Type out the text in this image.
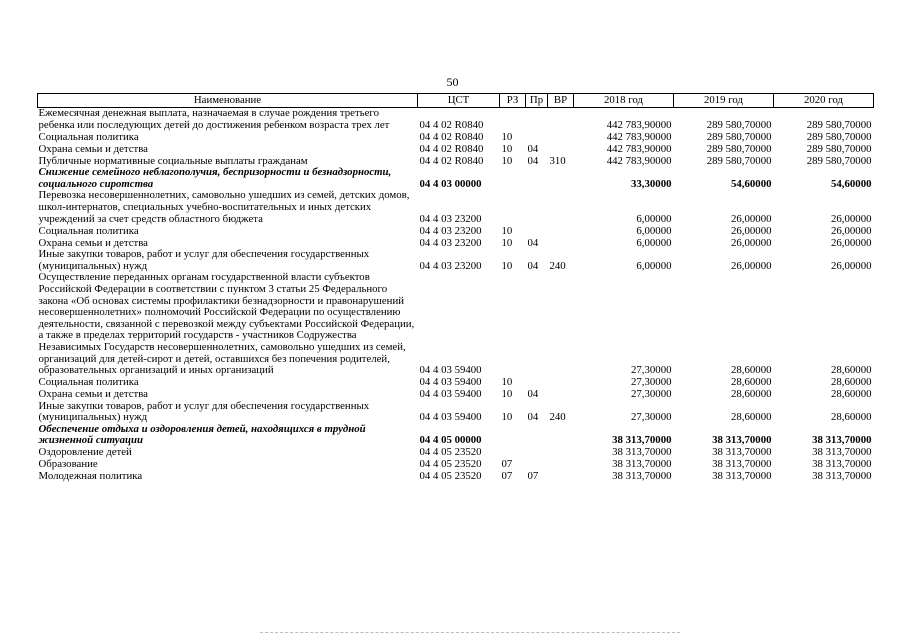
50
Наименование	ЦСТ	РЗ	Пр	ВР	2018 год	2019 год	2020 год
Ежемесячная денежная выплата, назначаемая в случае рождения третьего ребенка или последующих детей до достижения ребенком возраста трех лет	04 4 02 R0840				442 783,90000	289 580,70000	289 580,70000
Социальная политика	04 4 02 R0840	10			442 783,90000	289 580,70000	289 580,70000
Охрана семьи и детства	04 4 02 R0840	10	04		442 783,90000	289 580,70000	289 580,70000
Публичные нормативные социальные выплаты гражданам	04 4 02 R0840	10	04	310	442 783,90000	289 580,70000	289 580,70000
Снижение семейного неблагополучия, беспризорности и безнадзорности, социального сиротства	04 4 03 00000				33,30000	54,60000	54,60000
Перевозка несовершеннолетних, самовольно ушедших из семей, детских домов, школ-интернатов, специальных учебно-воспитательных и иных детских учреждений за счет средств областного бюджета	04 4 03 23200				6,00000	26,00000	26,00000
Социальная политика	04 4 03 23200	10			6,00000	26,00000	26,00000
Охрана семьи и детства	04 4 03 23200	10	04		6,00000	26,00000	26,00000
Иные закупки товаров, работ и услуг для обеспечения государственных (муниципальных) нужд	04 4 03 23200	10	04	240	6,00000	26,00000	26,00000
Осуществление переданных органам государственной власти субъектов Российской Федерации в соответствии с пунктом 3 статьи 25 Федерального закона «Об основах системы профилактики безнадзорности и правонарушений несовершеннолетних» полномочий Российской Федерации по осуществлению деятельности, связанной с перевозкой между субъектами Российской Федерации, а также в пределах территорий государств - участников Содружества Независимых Государств несовершеннолетних, самовольно ушедших из семей, организаций для детей-сирот и детей, оставшихся без попечения родителей, образовательных организаций и иных организаций	04 4 03 59400				27,30000	28,60000	28,60000
Социальная политика	04 4 03 59400	10			27,30000	28,60000	28,60000
Охрана семьи и детства	04 4 03 59400	10	04		27,30000	28,60000	28,60000
Иные закупки товаров, работ и услуг для обеспечения государственных (муниципальных) нужд	04 4 03 59400	10	04	240	27,30000	28,60000	28,60000
Обеспечение отдыха и оздоровления детей, находящихся в трудной жизненной ситуации	04 4 05 00000				38 313,70000	38 313,70000	38 313,70000
Оздоровление детей	04 4 05 23520				38 313,70000	38 313,70000	38 313,70000
Образование	04 4 05 23520	07			38 313,70000	38 313,70000	38 313,70000
Молодежная политика	04 4 05 23520	07	07		38 313,70000	38 313,70000	38 313,70000
